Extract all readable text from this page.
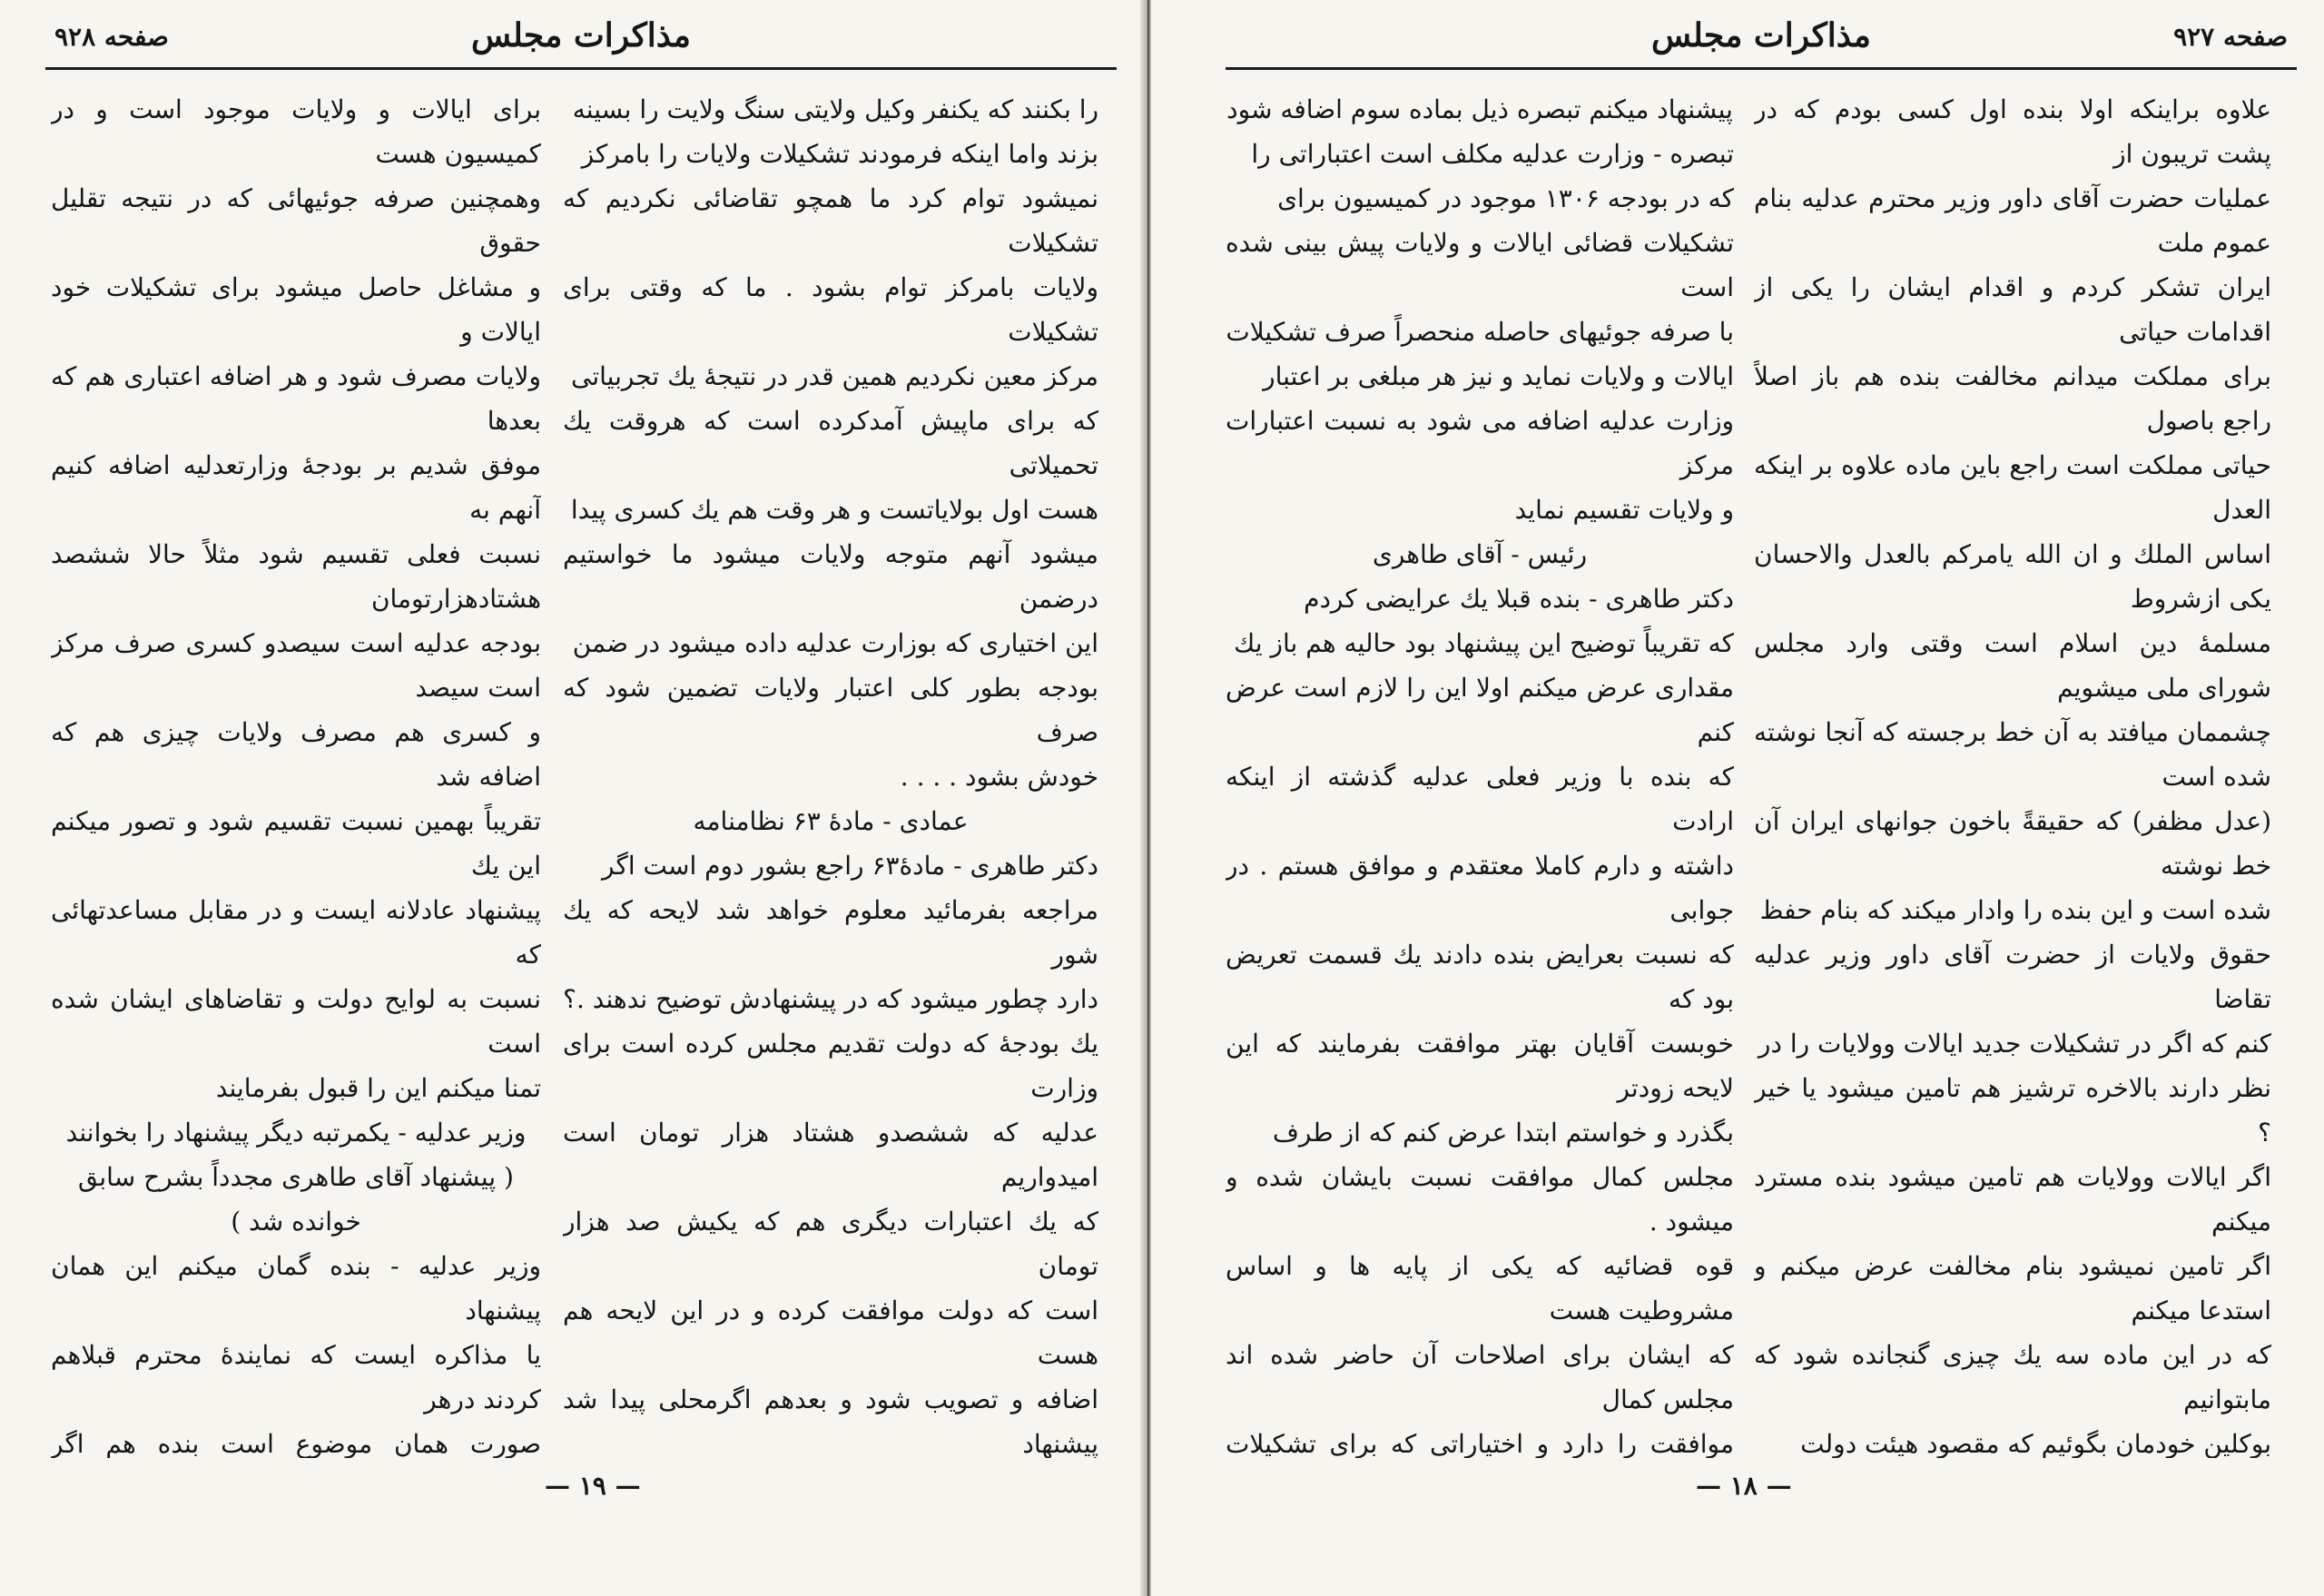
صفحه ۹۲۸	مذاکرات مجلس

را بکنند که یکنفر وکیل ولایتی سنگ ولایت را بسینه

بزند واما اینکه فرمودند تشکیلات ولایات را بامرکز

نمیشود توام کرد ما همچو تقاضائی نکردیم که تشکیلات

ولایات بامرکز توام بشود . ما که وقتی برای تشکیلات

مرکز معین نکردیم همین قدر در نتیجهٔ یك تجربیاتی

که برای ماپیش آمدکرده است که هروقت یك تحمیلاتی

هست اول بولایاتست و هر وقت هم یك کسری پیدا

میشود آنهم متوجه ولایات میشود ما خواستیم درضمن

این اختیاری که بوزارت عدلیه داده میشود در ضمن

بودجه بطور کلی اعتبار ولایات تضمین شود که صرف

خودش بشود . . . .

عمادی - مادهٔ ۶۳ نظامنامه

دکتر طاهری - مادهٔ۶۳ راجع بشور دوم است اگر

مراجعه بفرمائید معلوم خواهد شد لایحه که یك شور

دارد چطور میشود که در پیشنهادش توضیح ندهند .؟

یك بودجهٔ که دولت تقدیم مجلس کرده است برای وزارت

عدلیه که ششصدو هشتاد هزار تومان است امیدواریم

که یك اعتبارات دیگری هم که یکیش صد هزار تومان

است که دولت موافقت کرده و در این لایحه هم هست

اضافه و تصویب شود و بعدهم اگرمحلی پیدا شد پیشنهاد

برای ایالات و ولایات موجود است و در کمیسیون هست

وهمچنین صرفه جوئیهائی که در نتیجه تقلیل حقوق

و مشاغل حاصل میشود برای تشکیلات خود ایالات و

ولایات مصرف شود و هر اضافه اعتباری هم که بعدها

موفق شدیم بر بودجهٔ وزارتعدلیه اضافه کنیم آنهم به

نسبت فعلی تقسیم شود مثلاً حالا ششصد هشتادهزارتومان

بودجه عدلیه است سیصدو کسری صرف مرکز است سیصد

و کسری هم مصرف ولایات چیزی هم که اضافه شد

تقریباً بهمین نسبت تقسیم شود و تصور میکنم این یك

پیشنهاد عادلانه ایست و در مقابل مساعدتهائی که

نسبت به لوایح دولت و تقاضاهای ایشان شده است

تمنا میکنم این را قبول بفرمایند

وزیر عدلیه - یکمرتبه دیگر پیشنهاد را بخوانند

( پیشنهاد آقای طاهری مجدداً بشرح سابق خوانده شد )

وزیر عدلیه - بنده گمان میکنم این همان پیشنهاد

یا مذاکره ایست که نمایندهٔ محترم قبلاهم کردند درهر

صورت همان موضوع است بنده هم اگر

— ۱۹ —
صفحه ۹۲۷
مذاکرات مجلس

علاوه براینکه اولا بنده اول کسی بودم که در پشت تریبون از

عملیات حضرت آقای داور وزیر محترم عدلیه بنام عموم ملت

ایران تشکر کردم و اقدام ایشان را یکی از اقدامات حیاتی

برای مملکت میدانم مخالفت بنده هم باز اصلاً راجع باصول

حیاتی مملکت است راجع باین ماده علاوه بر اینکه العدل

اساس الملك و ان الله یامرکم بالعدل والاحسان یکی ازشروط

مسلمهٔ دین اسلام است وقتی وارد مجلس شورای ملی میشویم

چشممان میافتد به آن خط برجسته که آنجا نوشته شده است

(عدل مظفر) که حقیقةً باخون جوانهای ایران آن خط نوشته

شده است و این بنده را وادار میکند که بنام حفظ

حقوق ولایات از حضرت آقای داور وزیر عدلیه تقاضا

کنم که اگر در تشکیلات جدید ایالات وولایات را در

نظر دارند بالاخره ترشیز هم تامین میشود یا خیر ؟

اگر ایالات وولایات هم تامین میشود بنده مسترد میکنم

اگر تامین نمیشود بنام مخالفت عرض میکنم و استدعا میکنم

که در این ماده سه یك چیزی گنجانده شود که مابتوانیم

بوکلین خودمان بگوئیم که مقصود هیئت دولت

پیشنهاد میکنم تبصره ذیل بماده سوم اضافه شود

تبصره - وزارت عدلیه مکلف است اعتباراتی را

که در بودجه ۱۳۰۶ موجود در کمیسیون برای

تشکیلات قضائی ایالات و ولایات پیش بینی شده است

با صرفه جوئیهای حاصله منحصراً صرف تشکیلات

ایالات و ولایات نماید و نیز هر مبلغی بر اعتبار

وزارت عدلیه اضافه می شود به نسبت اعتبارات مرکز

و ولایات تقسیم نماید

رئیس - آقای طاهری

دکتر طاهری - بنده قبلا یك عرایضی کردم

که تقریباً توضیح این پیشنهاد بود حالیه هم باز یك

مقداری عرض میکنم اولا این را لازم است عرض کنم

که بنده با وزیر فعلی عدلیه گذشته از اینکه ارادت

داشته و دارم کاملا معتقدم و موافق هستم . در جوابی

که نسبت بعرایض بنده دادند یك قسمت تعریض بود که

خوبست آقایان بهتر موافقت بفرمایند که این لایحه زودتر

بگذرد و خواستم ابتدا عرض کنم که از طرف

مجلس کمال موافقت نسبت بایشان شده و میشود .

قوه قضائیه که یکی از پایه ها و اساس مشروطیت هست

که ایشان برای اصلاحات آن حاضر شده اند مجلس کمال

موافقت را دارد و اختیاراتی که برای تشکیلات

— ۱۸ —
